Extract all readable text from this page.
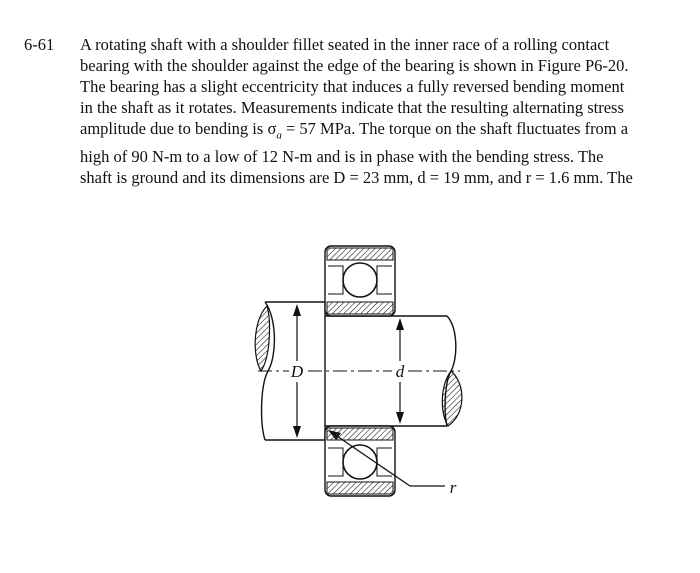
6-61 A rotating shaft with a shoulder fillet seated in the inner race of a rolling contact
bearing with the shoulder against the edge of the bearing is shown in Figure P6-20.
The bearing has a slight eccentricity that induces a fully reversed bending moment
in the shaft as it rotates. Measurements indicate that the resulting alternating stress
amplitude due to bending is $\sigma_a = 57$ MPa. The torque on the shaft fluctuates from a
high of 90 N-m to a low of 12 N-m and is in phase with the bending stress. The
shaft is ground and its dimensions are D = 23 mm, d = 19 mm, and r = 1.6 mm. The
D	d
r
